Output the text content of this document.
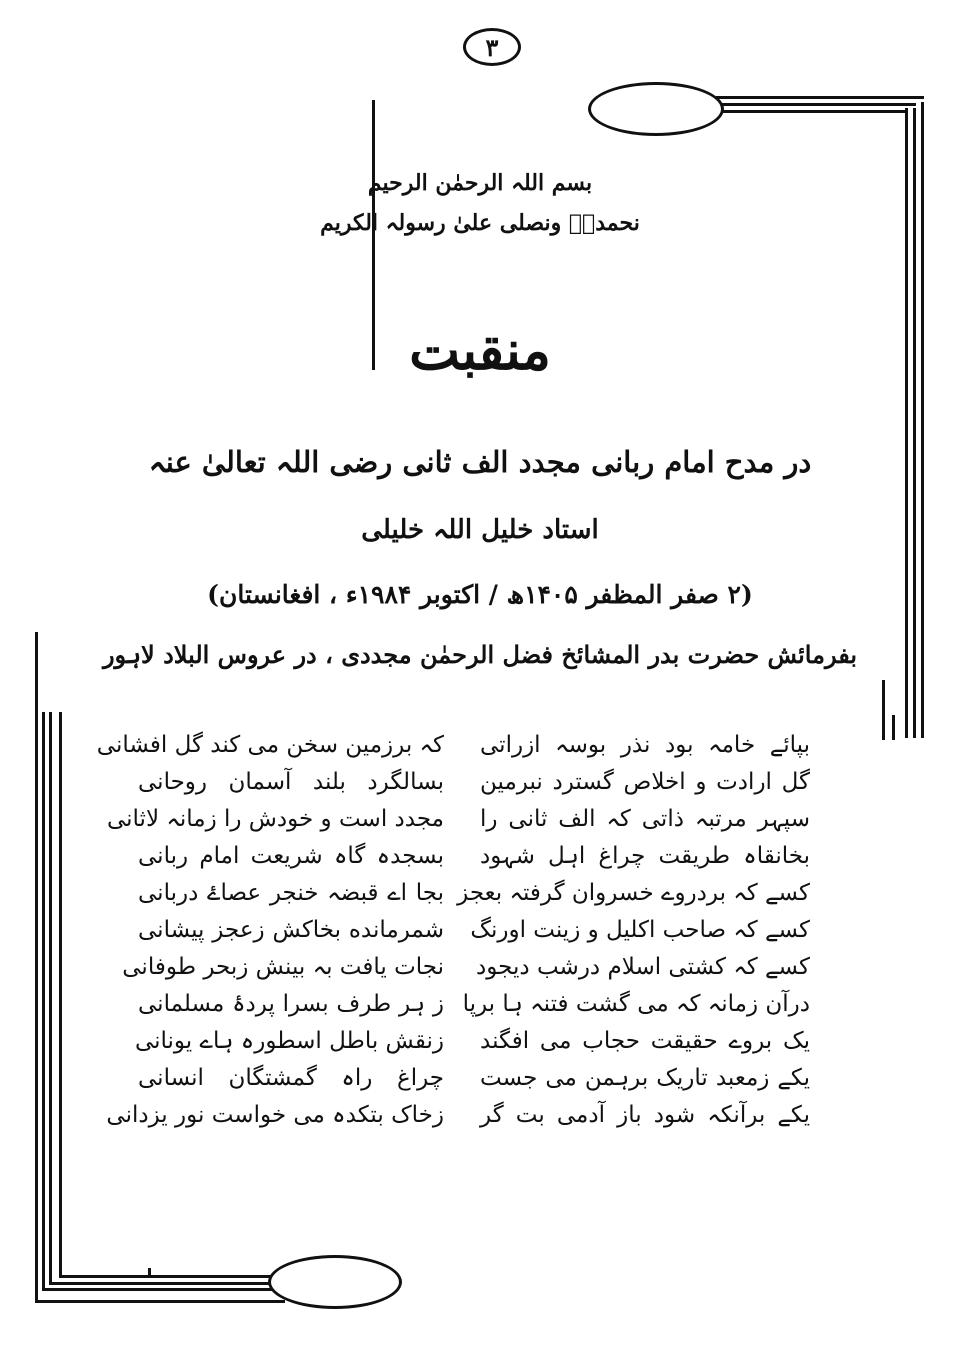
۳
بسم اللہ الرحمٰن الرحیم
نحمدہٗ ونصلی علیٰ رسولہ الکریم
منقبت
در مدح امام ربانی مجدد الف ثانی رضی اللہ تعالیٰ عنہ
استاد خلیل اللہ خلیلی
(۲ صفر المظفر ۱۴۰۵ھ / اکتوبر ۱۹۸۴ء ، افغانستان)
بفرمائش حضرت بدر المشائخ فضل الرحمٰن مجددی ، در عروس البلاد لاہور
بپائے خامہ بود نذر بوسہ ازراتی
گل ارادت و اخلاص گسترد نبرمین
سپہر مرتبہ ذاتی کہ الف ثانی را
بخانقاہ طریقت چراغ اہل شہود
کسے کہ بردروے خسروان گرفتہ بعجز
کسے کہ صاحب اکلیل و زینت اورنگ
کسے کہ کشتی اسلام درشب دیجود
درآن زمانہ کہ می گشت فتنہ ہا برپا
یک بروے حقیقت حجاب می افگند
یکے زمعبد تاریک برہمن می جست
یکے برآنکہ شود باز آدمی بت گر
کہ برزمین سخن می کند گل افشانی
بسالگرد بلند آسمان روحانی
مجدد است و خودش را زمانہ لاثانی
بسجدہ گاہ شریعت امام ربانی
بجا اے قبضہ خنجر عصاۓ دربانی
شمرمانده بخاکش زعجز پیشانی
نجات یافت بہ بینش زبحر طوفانی
ز ہر طرف بسرا پردۂ مسلمانی
زنقش باطل اسطورہ ہاے یونانی
چراغ راہ گمشتگان انسانی
زخاک بتکدہ می خواست نور یزدانی
